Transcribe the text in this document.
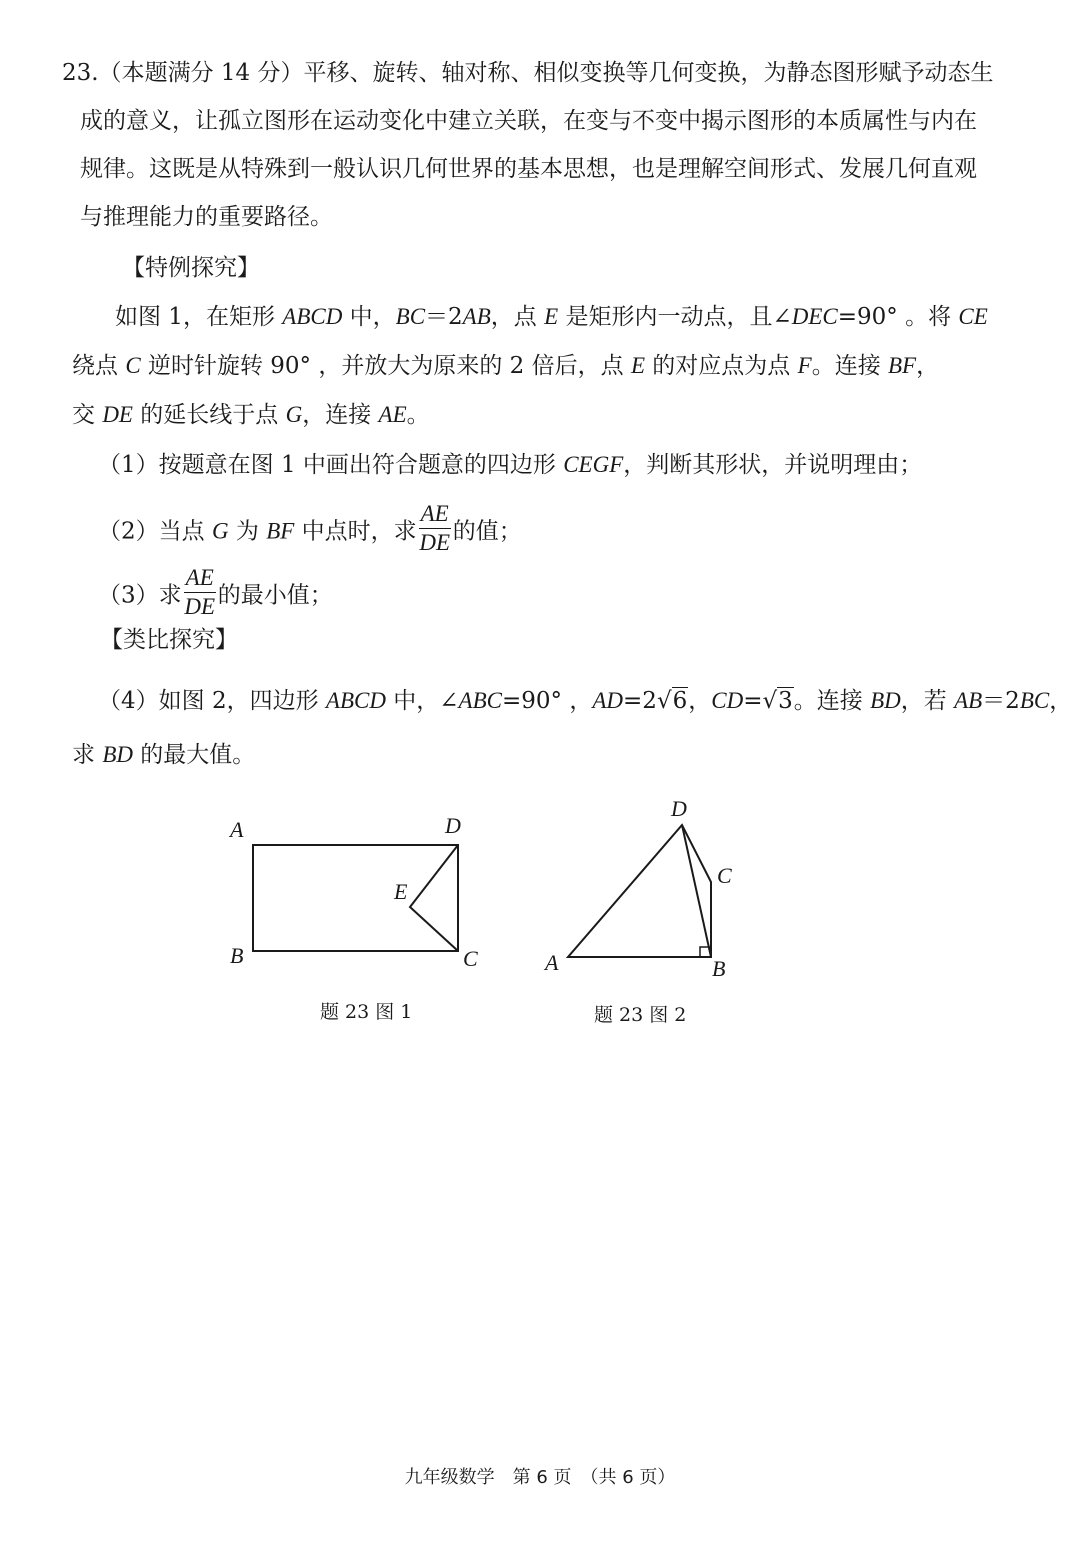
23.（本题满分 14 分）平移、旋转、轴对称、相似变换等几何变换，为静态图形赋予动态生
成的意义，让孤立图形在运动变化中建立关联，在变与不变中揭示图形的本质属性与内在
规律。这既是从特殊到一般认识几何世界的基本思想，也是理解空间形式、发展几何直观
与推理能力的重要路径。
【特例探究】
如图 1，在矩形 ABCD 中，BC＝2AB，点 E 是矩形内一动点，且∠DEC=90° 。将 CE
绕点 C 逆时针旋转 90° ，并放大为原来的 2 倍后，点 E 的对应点为点 F。连接 BF，
交 DE 的延长线于点 G，连接 AE。
（1）按题意在图 1 中画出符合题意的四边形 CEGF，判断其形状，并说明理由；
（2）当点 G 为 BF 中点时，求 $\frac{AE}{DE}$ 的值；
（3）求 $\frac{AE}{DE}$ 的最小值；
【类比探究】
（4）如图 2，四边形 ABCD 中，∠ABC=90° ，AD=2√6，CD=√3。连接 BD，若 AB＝2BC，
求 BD 的最大值。
A	D
E
B	C
题 23 图 1
D
C
A	B
题 23 图 2
九年级数学　第 6 页　（共 6 页）
